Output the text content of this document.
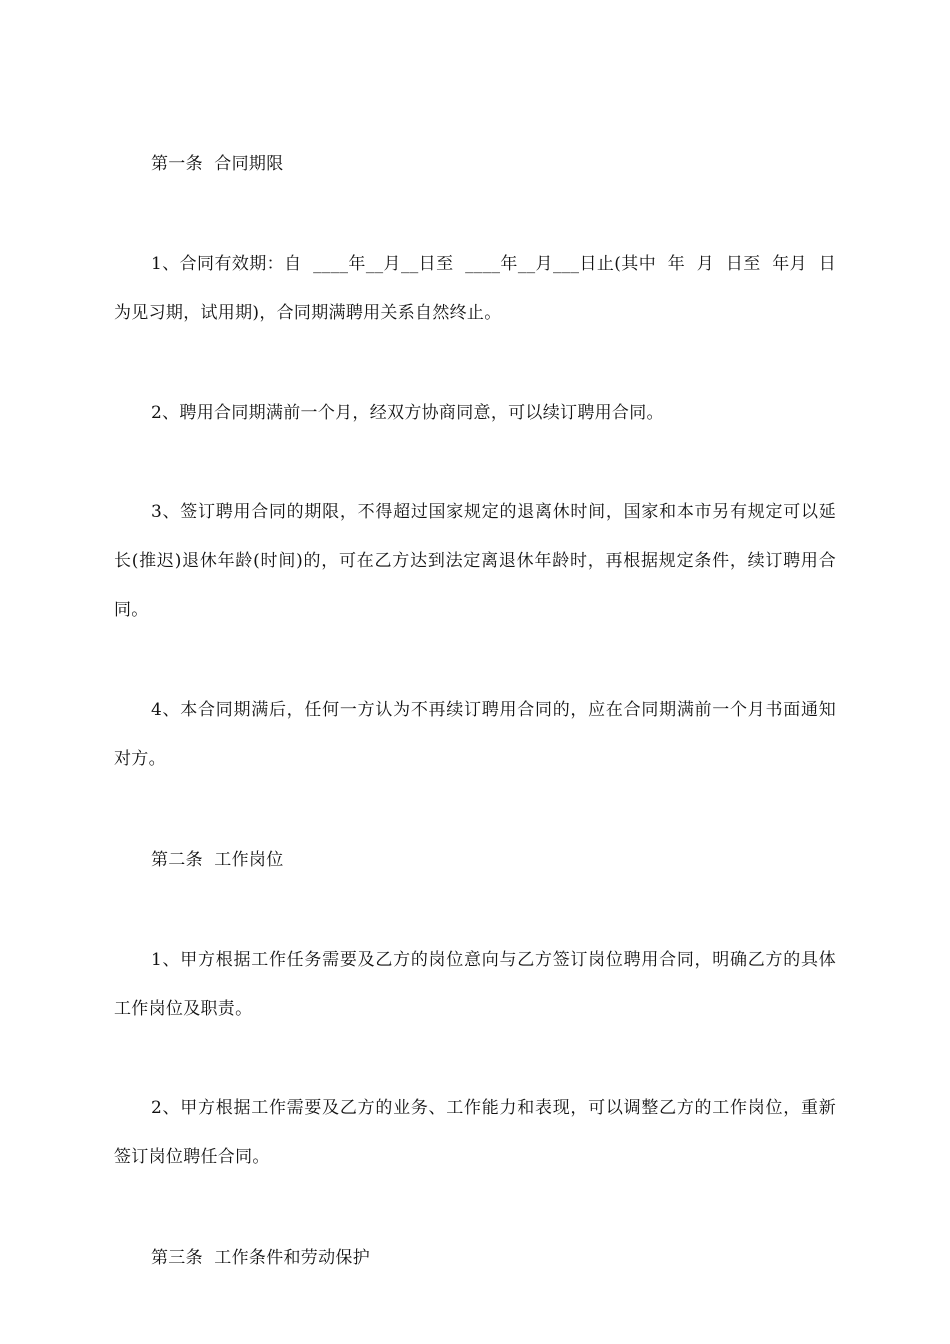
第一条  合同期限

1、合同有效期：自  ____年__月__日至  ____年__月___日止(其中  年  月  日至  年月  日为见习期，试用期)，合同期满聘用关系自然终止。

2、聘用合同期满前一个月，经双方协商同意，可以续订聘用合同。

3、签订聘用合同的期限，不得超过国家规定的退离休时间，国家和本市另有规定可以延长(推迟)退休年龄(时间)的，可在乙方达到法定离退休年龄时，再根据规定条件，续订聘用合同。

4、本合同期满后，任何一方认为不再续订聘用合同的，应在合同期满前一个月书面通知对方。

第二条  工作岗位

1、甲方根据工作任务需要及乙方的岗位意向与乙方签订岗位聘用合同，明确乙方的具体工作岗位及职责。

2、甲方根据工作需要及乙方的业务、工作能力和表现，可以调整乙方的工作岗位，重新签订岗位聘任合同。

第三条  工作条件和劳动保护
